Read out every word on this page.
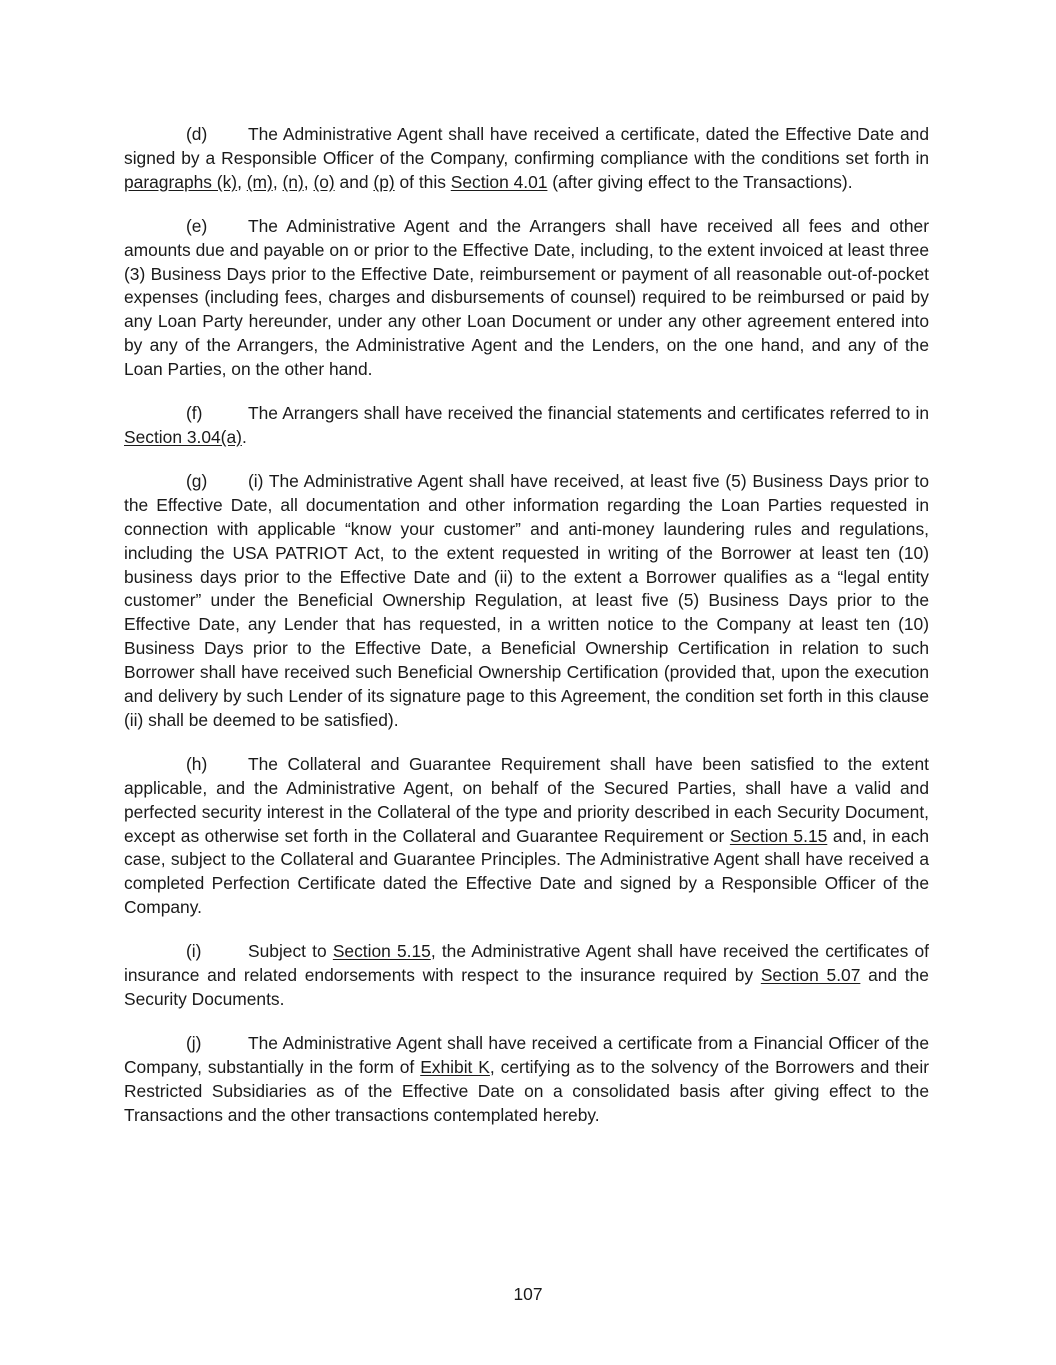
(d) The Administrative Agent shall have received a certificate, dated the Effective Date and signed by a Responsible Officer of the Company, confirming compliance with the conditions set forth in paragraphs (k), (m), (n), (o) and (p) of this Section 4.01 (after giving effect to the Transactions).

(e) The Administrative Agent and the Arrangers shall have received all fees and other amounts due and payable on or prior to the Effective Date, including, to the extent invoiced at least three (3) Business Days prior to the Effective Date, reimbursement or payment of all reasonable out-of-pocket expenses (including fees, charges and disbursements of counsel) required to be reimbursed or paid by any Loan Party hereunder, under any other Loan Document or under any other agreement entered into by any of the Arrangers, the Administrative Agent and the Lenders, on the one hand, and any of the Loan Parties, on the other hand.

(f)	The Arrangers shall have received the financial statements and certificates referred to in Section 3.04(a).

(g) (i) The Administrative Agent shall have received, at least five (5) Business Days prior to the Effective Date, all documentation and other information regarding the Loan Parties requested in connection with applicable “know your customer” and anti-money laundering rules and regulations, including the USA PATRIOT Act, to the extent requested in writing of the Borrower at least ten (10) business days prior to the Effective Date and (ii) to the extent a Borrower qualifies as a “legal entity customer” under the Beneficial Ownership Regulation, at least five (5) Business Days prior to the Effective Date, any Lender that has requested, in a written notice to the Company at least ten (10) Business Days prior to the Effective Date, a Beneficial Ownership Certification in relation to such Borrower shall have received such Beneficial Ownership Certification (provided that, upon the execution and delivery by such Lender of its signature page to this Agreement, the condition set forth in this clause (ii) shall be deemed to be satisfied).

(h) The Collateral and Guarantee Requirement shall have been satisfied to the extent applicable, and the Administrative Agent, on behalf of the Secured Parties, shall have a valid and perfected security interest in the Collateral of the type and priority described in each Security Document, except as otherwise set forth in the Collateral and Guarantee Requirement or Section 5.15 and, in each case, subject to the Collateral and Guarantee Principles. The Administrative Agent shall have received a completed Perfection Certificate dated the Effective Date and signed by a Responsible Officer of the Company.

(i)	Subject to Section 5.15, the Administrative Agent shall have received the certificates of insurance and related endorsements with respect to the insurance required by Section 5.07 and the Security Documents.

(j)	The Administrative Agent shall have received a certificate from a Financial Officer of the Company, substantially in the form of Exhibit K, certifying as to the solvency of the Borrowers and their Restricted Subsidiaries as of the Effective Date on a consolidated basis after giving effect to the Transactions and the other transactions contemplated hereby.

107
